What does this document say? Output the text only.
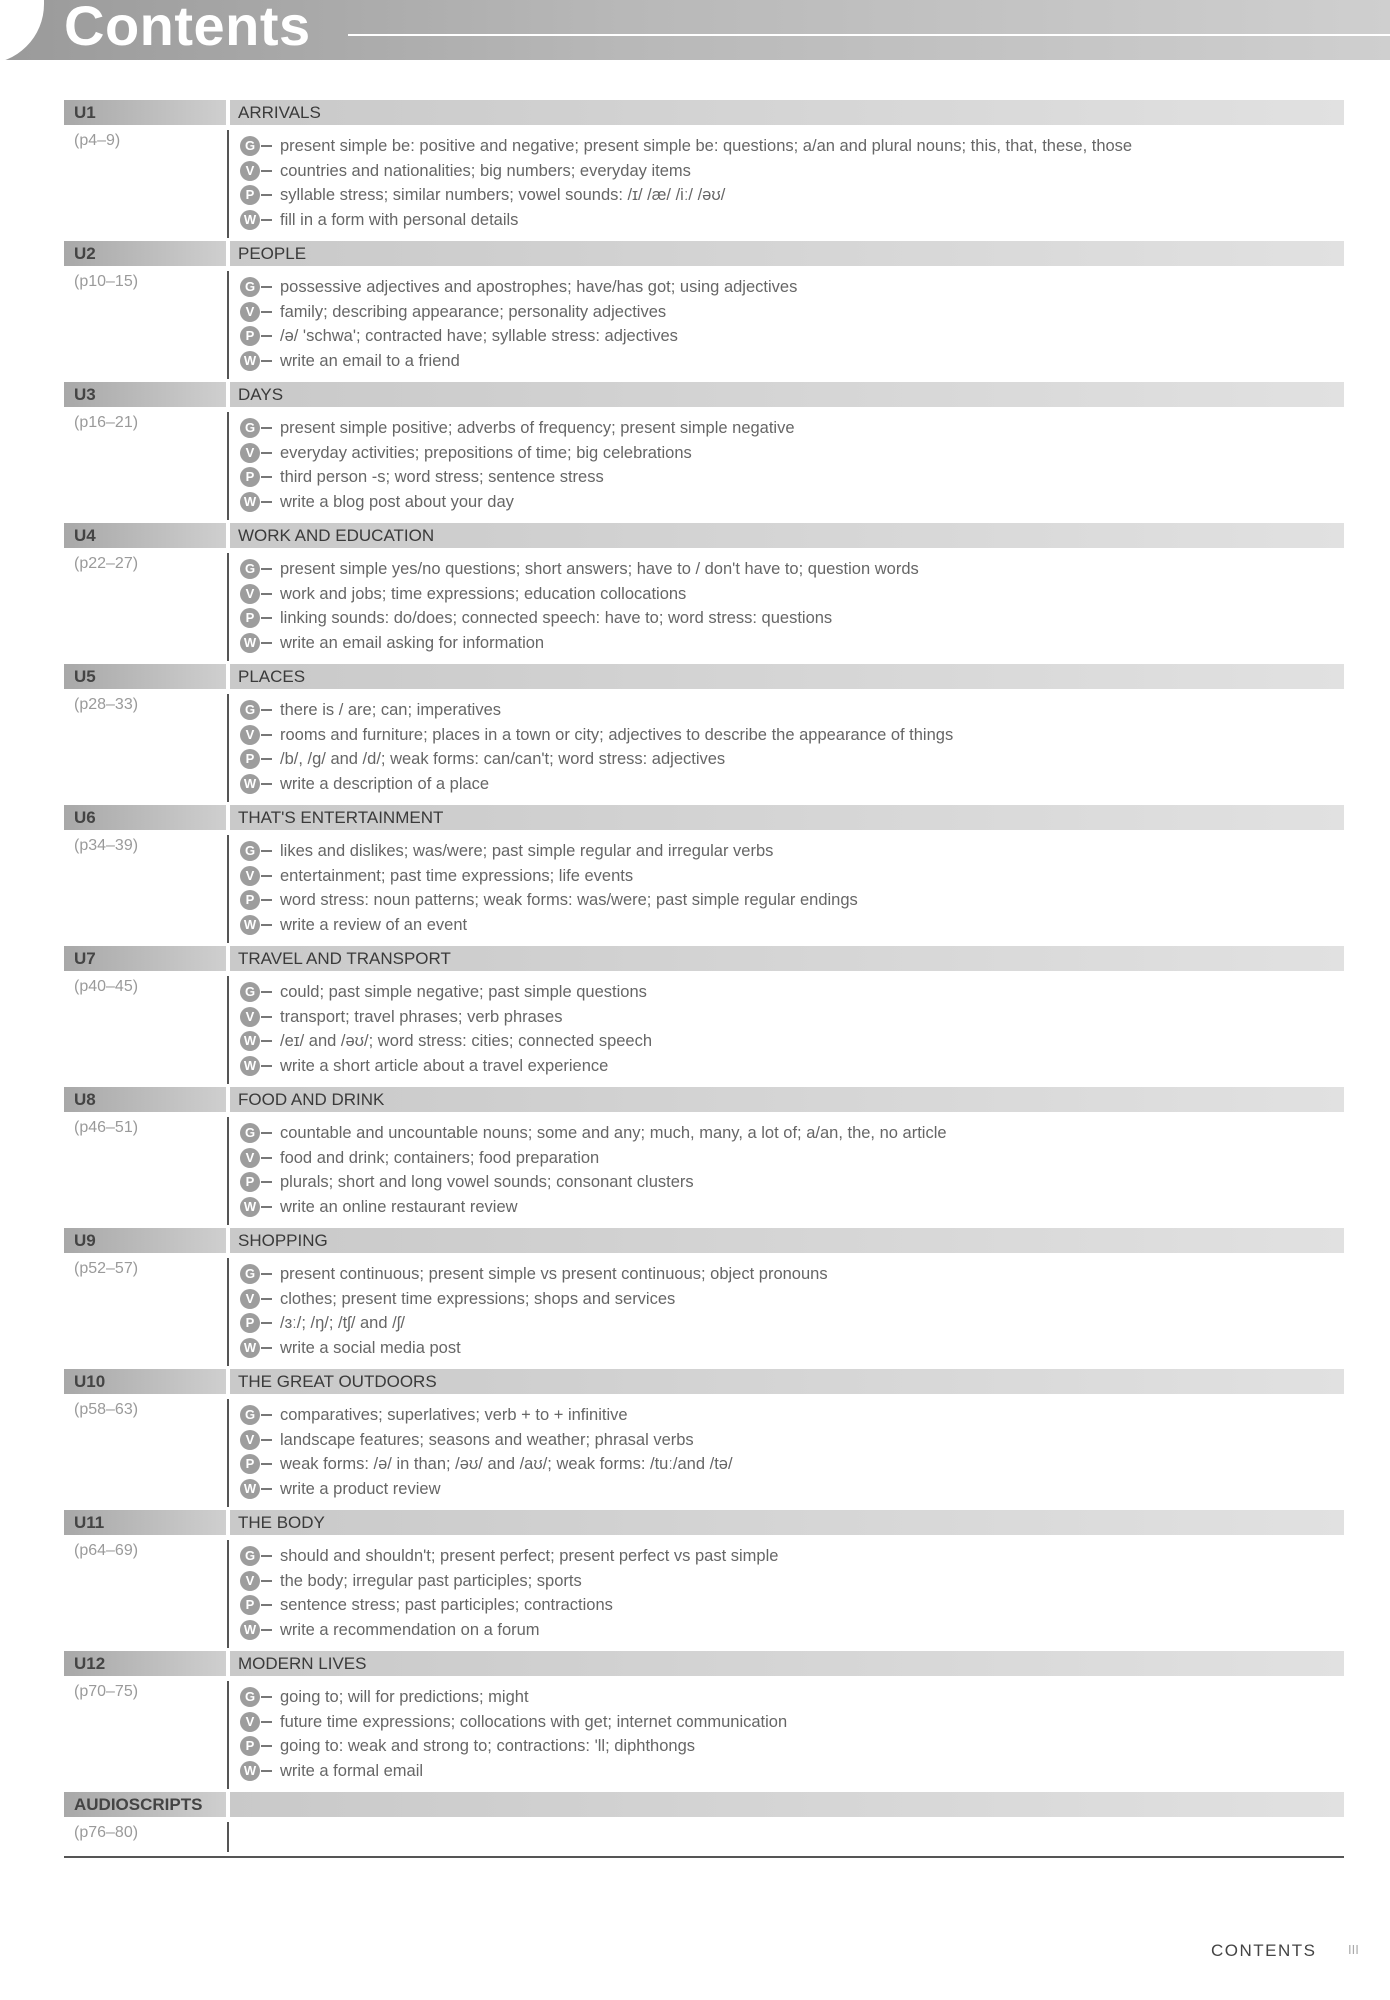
Contents
U1	ARRIVALS
(p4–9)	G present simple be: positive and negative; present simple be: questions; a/an and plural nouns; this, that, these, those
V	countries and nationalities; big numbers; everyday items
P	syllable stress; similar numbers; vowel sounds: /ɪ/ /æ/ /iː/ /əʊ/
W fill in a form with personal details
U2	PEOPLE
(p10–15)	G possessive adjectives and apostrophes; have/has got; using adjectives
V	family; describing appearance; personality adjectives
P	/ə/ 'schwa'; contracted have; syllable stress: adjectives
W write an email to a friend
U3	DAYS
(p16–21)	G present simple positive; adverbs of frequency; present simple negative
V	everyday activities; prepositions of time; big celebrations
P	third person -s; word stress; sentence stress
W write a blog post about your day
U4	WORK AND EDUCATION
(p22–27)	G present simple yes/no questions; short answers; have to / don't have to; question words
V	work and jobs; time expressions; education collocations
P	linking sounds: do/does; connected speech: have to; word stress: questions
W write an email asking for information
U5	PLACES
(p28–33)	G there is / are; can; imperatives
V	rooms and furniture; places in a town or city; adjectives to describe the appearance of things
P	/b/, /g/ and /d/; weak forms: can/can't; word stress: adjectives
W write a description of a place
U6	THAT'S ENTERTAINMENT
(p34–39)	G likes and dislikes; was/were; past simple regular and irregular verbs
V	entertainment; past time expressions; life events
P	word stress: noun patterns; weak forms: was/were; past simple regular endings
W write a review of an event
U7	TRAVEL AND TRANSPORT
(p40–45)	G could; past simple negative; past simple questions
V	transport; travel phrases; verb phrases
W /eɪ/ and /əʊ/; word stress: cities; connected speech
W write a short article about a travel experience
U8	FOOD AND DRINK
(p46–51)	G countable and uncountable nouns; some and any; much, many, a lot of; a/an, the, no article
V	food and drink; containers; food preparation
P	plurals; short and long vowel sounds; consonant clusters
W write an online restaurant review
U9	SHOPPING
(p52–57)	G present continuous; present simple vs present continuous; object pronouns
V	clothes; present time expressions; shops and services
P	/ɜː/; /ŋ/; /tʃ/ and /ʃ/
W write a social media post
U10	THE GREAT OUTDOORS
(p58–63)	G comparatives; superlatives; verb + to + infinitive
V	landscape features; seasons and weather; phrasal verbs
P	weak forms: /ə/ in than; /əʊ/ and /aʊ/; weak forms: /tuː/and /tə/
W write a product review
U11	THE BODY
(p64–69)	G should and shouldn't; present perfect; present perfect vs past simple
V	the body; irregular past participles; sports
P	sentence stress; past participles; contractions
W write a recommendation on a forum
U12	MODERN LIVES
(p70–75)	G going to; will for predictions; might
V	future time expressions; collocations with get; internet communication
P	going to: weak and strong to; contractions: 'll; diphthongs
W write a formal email
AUDIOSCRIPTS
(p76–80)
CONTENTS III
